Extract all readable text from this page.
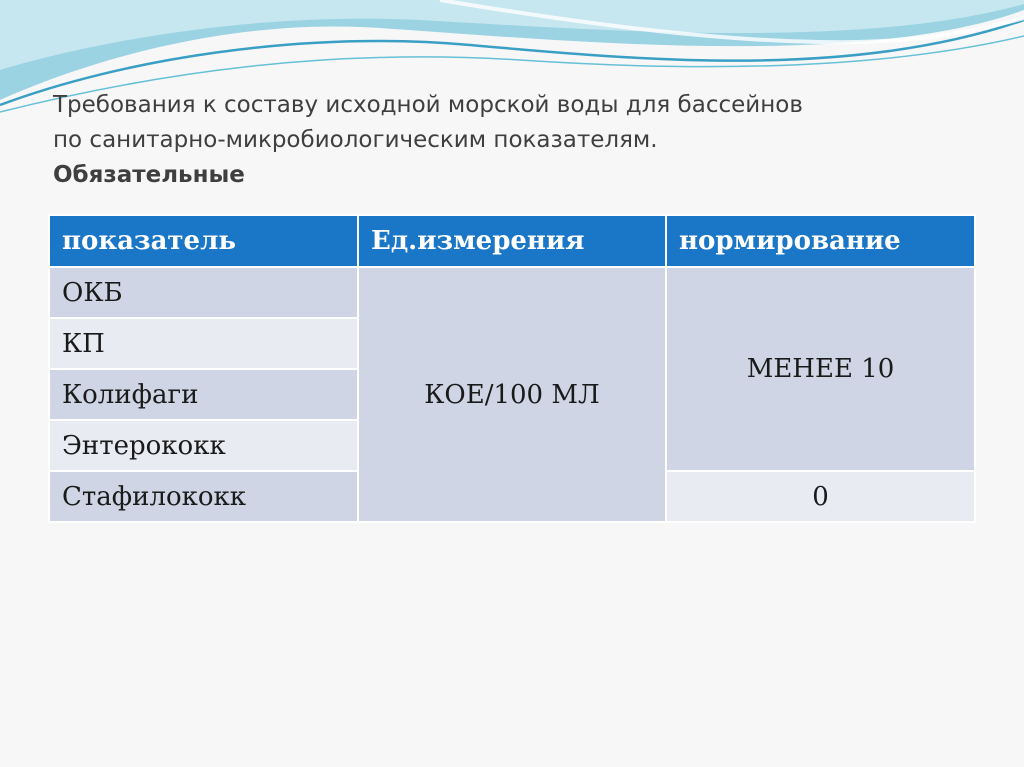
Требования к составу исходной морской воды для бассейнов
по санитарно-микробиологическим показателям.
Обязательные
показатель	Ед.измерения	нормирование
ОКБ	КОЕ/100 МЛ	МЕНЕЕ 10
КП		
Колифаги		
Энтерококк		
Стафилококк		0
